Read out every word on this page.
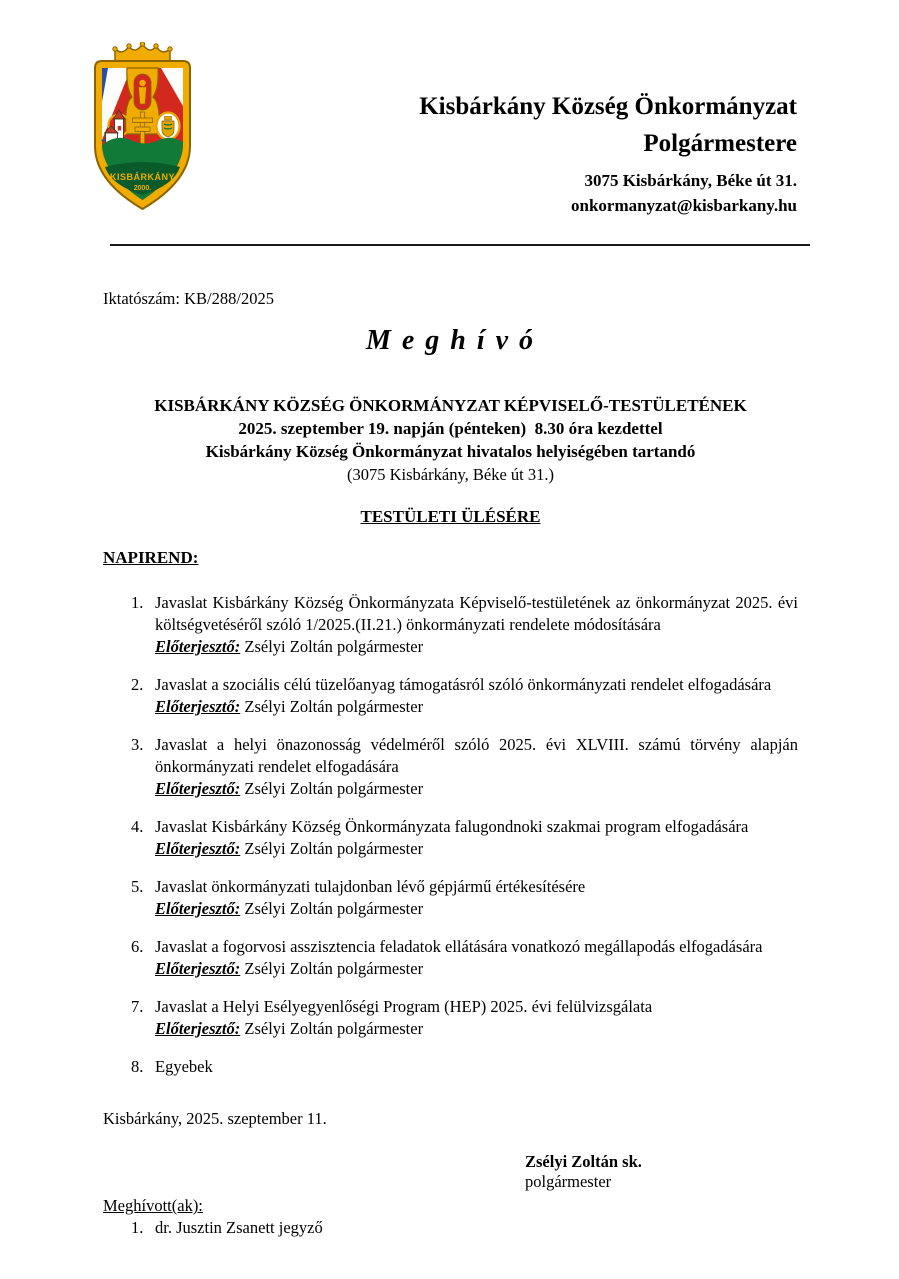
KISBÁRKÁNY
2000.
Kisbárkány Község Önkormányzat
Polgármestere
3075 Kisbárkány, Béke út 31.
onkormanyzat@kisbarkany.hu
Iktatószám: KB/288/2025
M e g h í v ó
KISBÁRKÁNY KÖZSÉG ÖNKORMÁNYZAT KÉPVISELŐ-TESTÜLETÉNEK
2025. szeptember 19. napján (pénteken)  8.30 óra kezdettel
Kisbárkány Község Önkormányzat hivatalos helyiségében tartandó
(3075 Kisbárkány, Béke út 31.)
TESTÜLETI ÜLÉSÉRE
NAPIREND:
1. Javaslat Kisbárkány Község Önkormányzata Képviselő-testületének az önkormányzat 2025. évi költségvetéséről szóló 1/2025.(II.21.) önkormányzati rendelete módosítására
Előterjesztő: Zsélyi Zoltán polgármester
2. Javaslat a szociális célú tüzelőanyag támogatásról szóló önkormányzati rendelet elfogadására
Előterjesztő: Zsélyi Zoltán polgármester
3. Javaslat a helyi önazonosság védelméről szóló 2025. évi XLVIII. számú törvény alapján önkormányzati rendelet elfogadására
Előterjesztő: Zsélyi Zoltán polgármester
4. Javaslat Kisbárkány Község Önkormányzata falugondnoki szakmai program elfogadására
Előterjesztő: Zsélyi Zoltán polgármester
5. Javaslat önkormányzati tulajdonban lévő gépjármű értékesítésére
Előterjesztő: Zsélyi Zoltán polgármester
6. Javaslat a fogorvosi asszisztencia feladatok ellátására vonatkozó megállapodás elfogadására
Előterjesztő: Zsélyi Zoltán polgármester
7. Javaslat a Helyi Esélyegyenlőségi Program (HEP) 2025. évi felülvizsgálata
Előterjesztő: Zsélyi Zoltán polgármester
8. Egyebek
Kisbárkány, 2025. szeptember 11.
Zsélyi Zoltán sk.
polgármester
Meghívott(ak):
1. dr. Jusztin Zsanett jegyző
